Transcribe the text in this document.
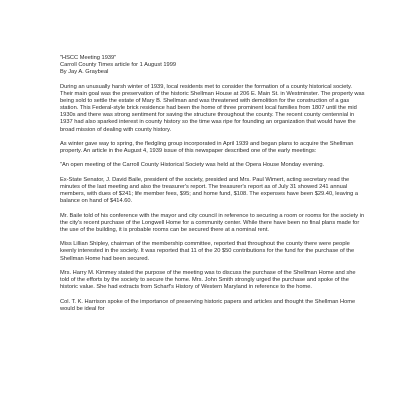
"HSCC Meeting 1939"
Carroll County Times article for 1 August 1999
By Jay A. Graybeal

During an unusually harsh winter of 1939, local residents met to consider the formation of a county historical society. Their main goal was the preservation of the historic Shellman House at 206 E. Main St. in Westminster. The property was being sold to settle the estate of Mary B. Shellman and was threatened with demolition for the construction of a gas station. This Federal-style brick residence had been the home of three prominent local families from 1807 until the mid 1930s and there was strong sentiment for saving the structure throughout the county. The recent county centennial in 1937 had also sparked interest in county history so the time was ripe for founding an organization that would have the broad mission of dealing with county history.

As winter gave way to spring, the fledgling group incorporated in April 1939 and began plans to acquire the Shellman property. An article in the August 4, 1939 issue of this newspaper described one of the early meetings:

"An open meeting of the Carroll County Historical Society was held at the Opera House Monday evening.

Ex-State Senator, J. David Baile, president of the society, presided and Mrs. Paul Wimert, acting secretary read the minutes of the last meeting and also the treasurer's report. The treasurer's report as of July 31 showed 241 annual members, with dues of $241; life member fees, $95; and home fund, $108. The expenses have been $29.40, leaving a balance on hand of $414.60.

Mr. Baile told of his conference with the mayor and city council in reference to securing a room or rooms for the society in the city's recent purchase of the Longwell Home for a community center. While there have been no final plans made for the use of the building, it is probable rooms can be secured there at a nominal rent.

Miss Lillian Shipley, chairman of the membership committee, reported that throughout the county there were people keenly interested in the society. It was reported that 11 of the 20 $50 contributions for the fund for the purchase of the Shellman Home had been secured.

Mrs. Harry M. Kimmey stated the purpose of the meeting was to discuss the purchase of the Shellman Home and she told of the efforts by the society to secure the home. Mrs. John Smith strongly urged the purchase and spoke of the historic value. She had extracts from Scharf's History of Western Maryland in reference to the home.

Col. T. K. Harrison spoke of the importance of preserving historic papers and articles and thought the Shellman Home would be ideal for
